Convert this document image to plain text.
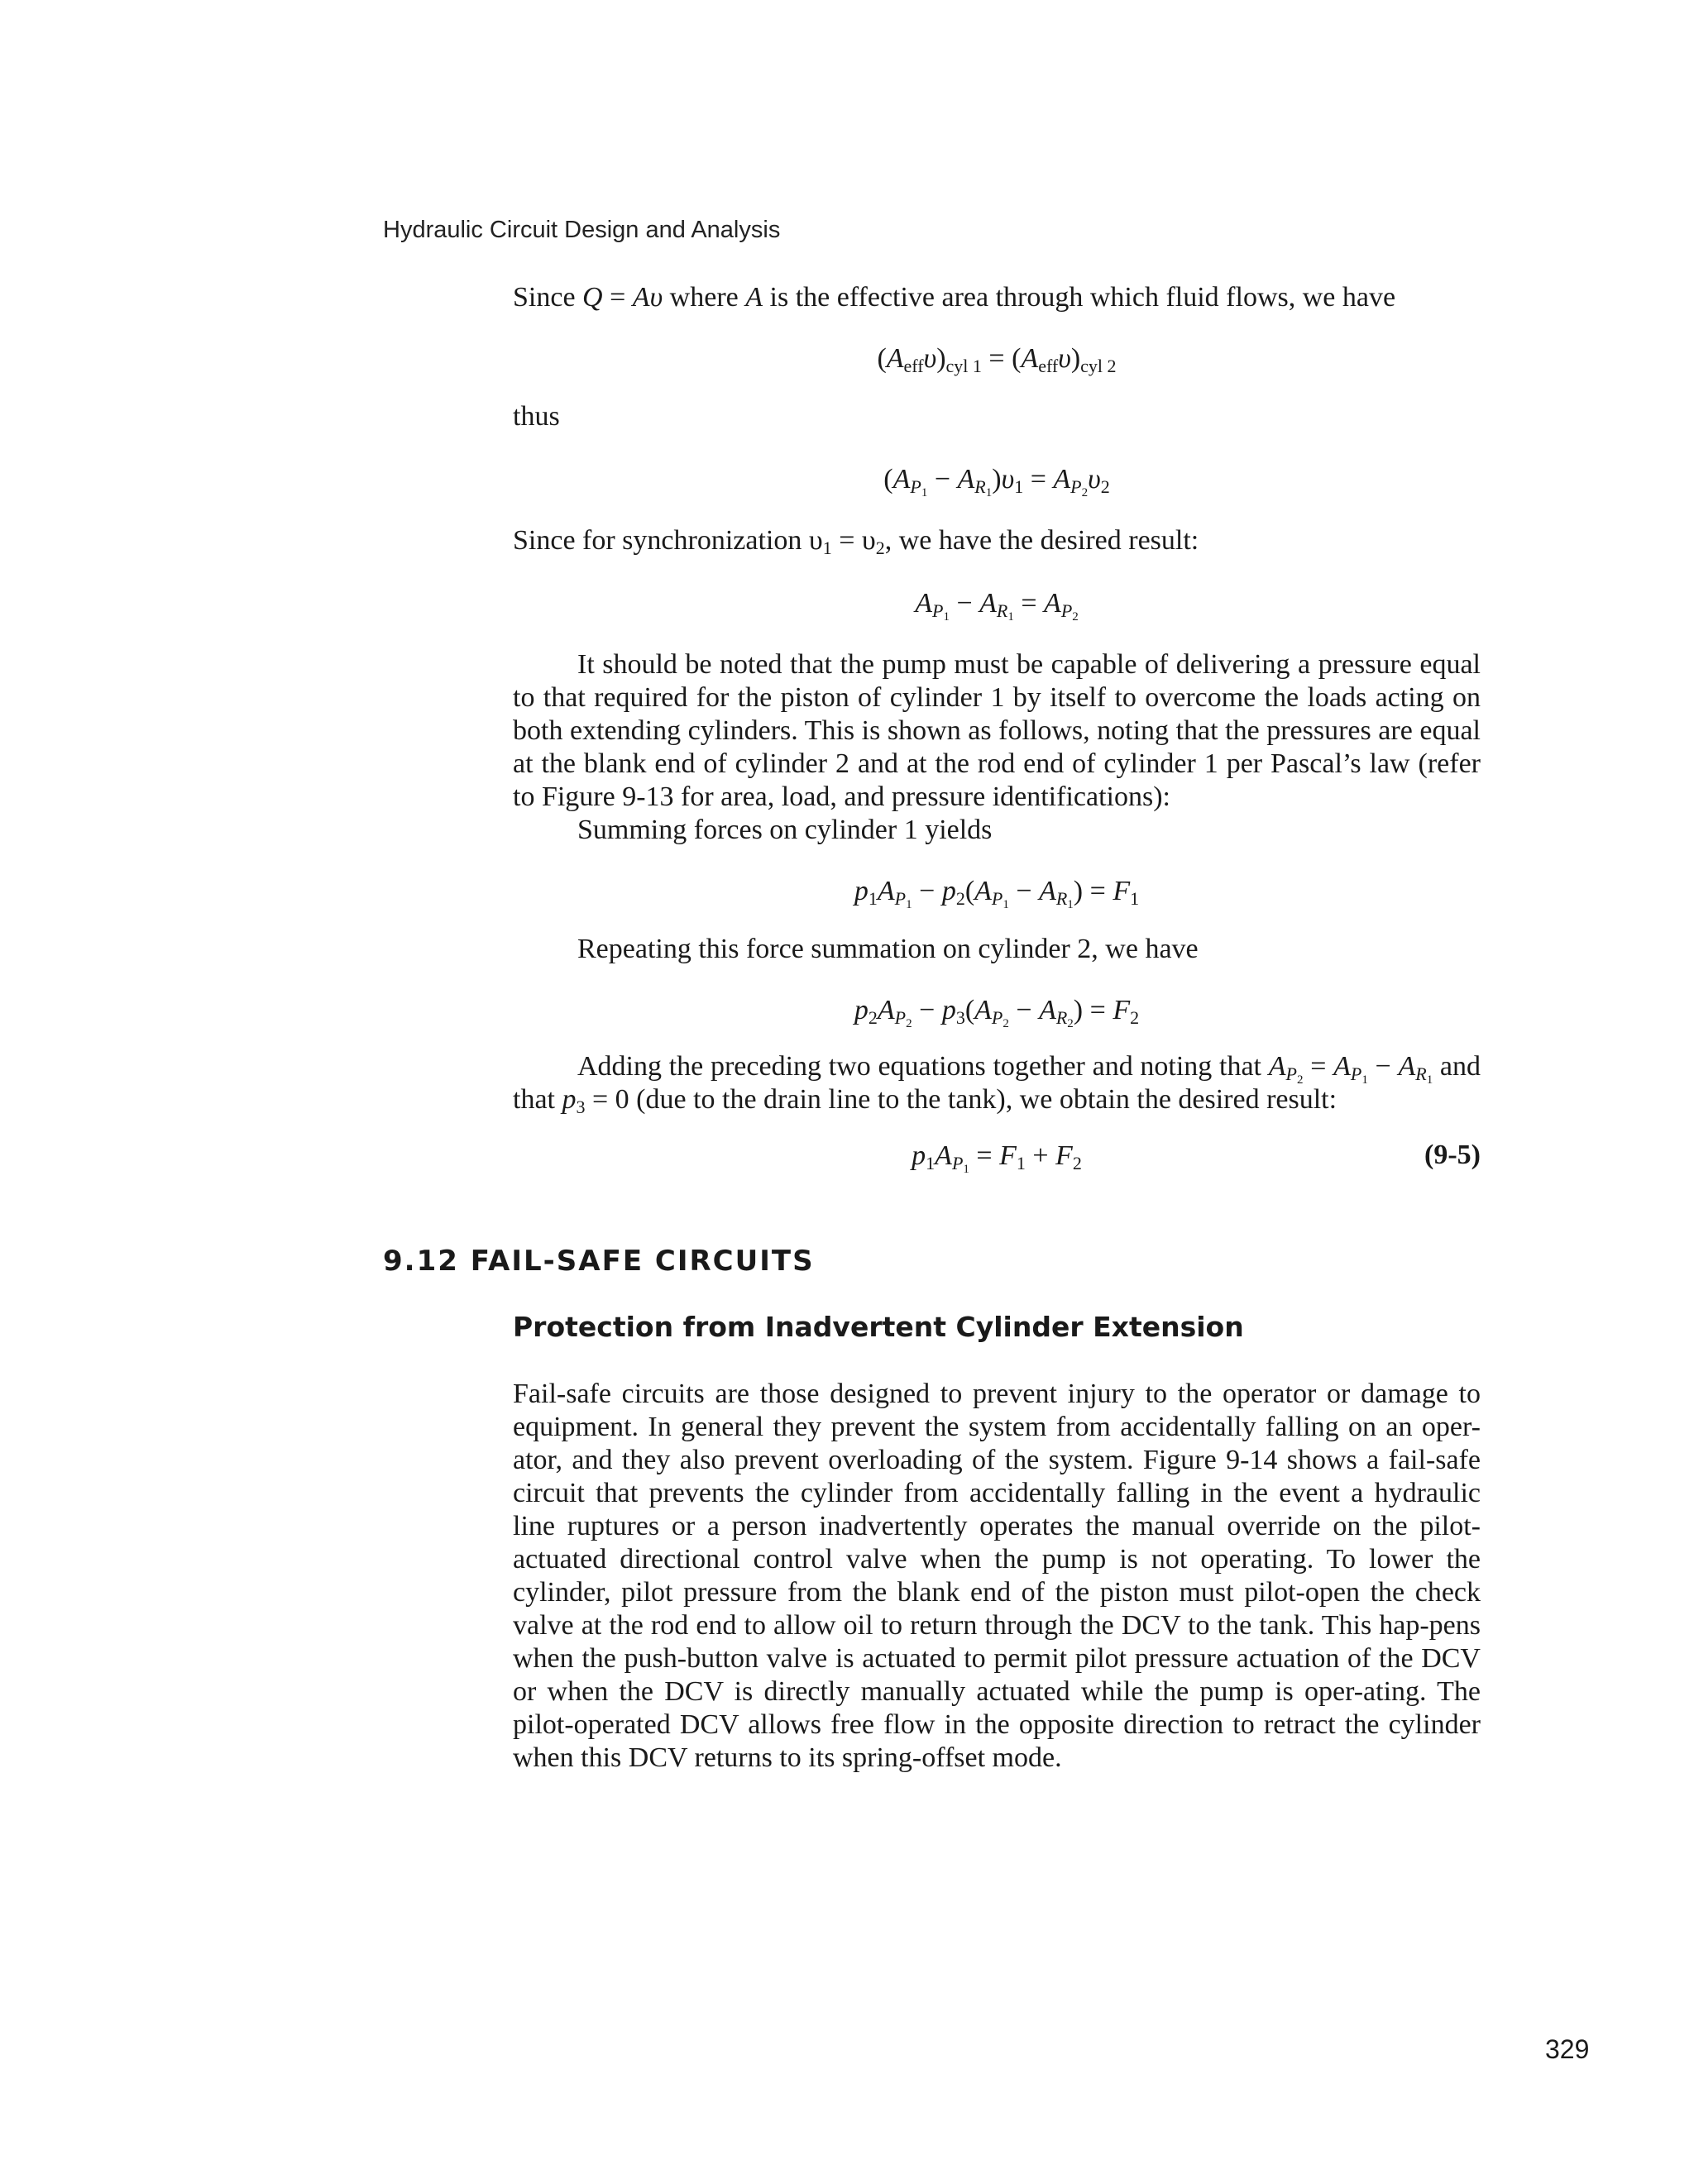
Hydraulic Circuit Design and Analysis
Since Q = Aυ where A is the effective area through which fluid flows, we have
$(A_{eff}\upsilon)_{cyl 1} = (A_{eff}\upsilon)_{cyl 2}$
thus
$(A_{P_1} - A_{R_1})\upsilon_1 = A_{P_2}\upsilon_2$
Since for synchronization $\upsilon_1 = \upsilon_2$, we have the desired result:
$A_{P_1} - A_{R_1} = A_{P_2}$
It should be noted that the pump must be capable of delivering a pressure equal to that required for the piston of cylinder 1 by itself to overcome the loads acting on both extending cylinders. This is shown as follows, noting that the pressures are equal at the blank end of cylinder 2 and at the rod end of cylinder 1 per Pascal’s law (refer to Figure 9-13 for area, load, and pressure identifications):
Summing forces on cylinder 1 yields
$p_1A_{P_1} - p_2(A_{P_1} - A_{R_1}) = F_1$
Repeating this force summation on cylinder 2, we have
$p_2A_{P_2} - p_3(A_{P_2} - A_{R_2}) = F_2$
Adding the preceding two equations together and noting that $A_{P_2} = A_{P_1} - A_{R_1}$ and that $p_3 = 0$ (due to the drain line to the tank), we obtain the desired result:
$p_1A_{P_1} = F_1 + F_2$	(9-5)
9.12 FAIL-SAFE CIRCUITS
Protection from Inadvertent Cylinder Extension
Fail-safe circuits are those designed to prevent injury to the operator or damage to equipment. In general they prevent the system from accidentally falling on an oper-ator, and they also prevent overloading of the system. Figure 9-14 shows a fail-safe circuit that prevents the cylinder from accidentally falling in the event a hydraulic line ruptures or a person inadvertently operates the manual override on the pilot-actuated directional control valve when the pump is not operating. To lower the cylinder, pilot pressure from the blank end of the piston must pilot-open the check valve at the rod end to allow oil to return through the DCV to the tank. This hap-pens when the push-button valve is actuated to permit pilot pressure actuation of the DCV or when the DCV is directly manually actuated while the pump is oper-ating. The pilot-operated DCV allows free flow in the opposite direction to retract the cylinder when this DCV returns to its spring-offset mode.
329
